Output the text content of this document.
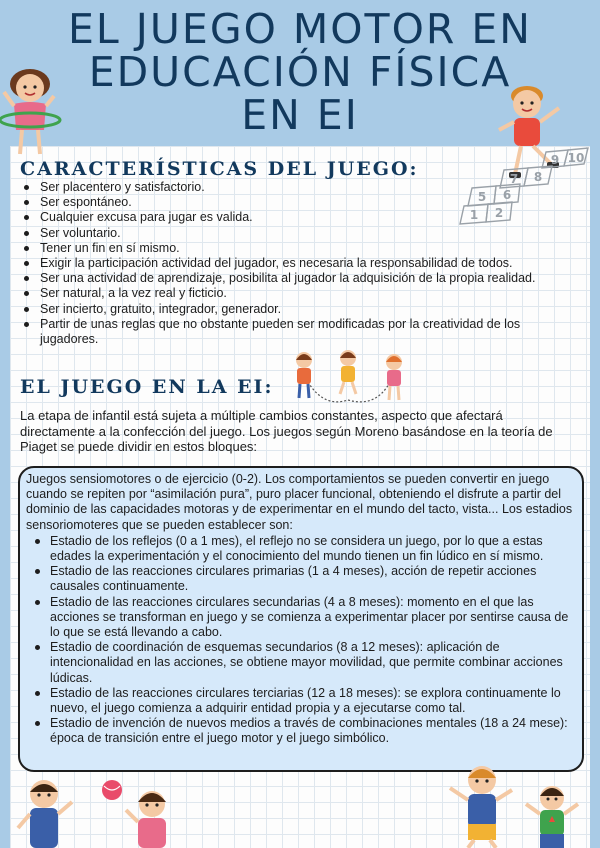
EL JUEGO MOTOR EN
EDUCACIÓN FÍSICA
EN EI
1 2
5 6
7 8
9 10
CARACTERÍSTICAS DEL JUEGO:
Ser placentero y satisfactorio.
Ser espontáneo.
Cualquier excusa para jugar es valida.
Ser voluntario.
Tener un fin en sí mismo.
Exigir la participación actividad del jugador, es necesaria la responsabilidad de todos.
Ser una actividad de aprendizaje, posibilita al jugador la adquisición de la propia realidad.
Ser natural, a la vez real y ficticio.
Ser incierto, gratuito, integrador, generador.
Partir de unas reglas que no obstante pueden ser modificadas por la creatividad de los jugadores.
EL JUEGO EN LA EI:
La etapa de infantil está sujeta a múltiple cambios constantes, aspecto que afectará directamente a la confección del juego. Los juegos según Moreno basándose en la teoría de Piaget se puede dividir en estos bloques:
Juegos sensiomotores o de ejercicio (0-2). Los comportamientos se pueden convertir en juego cuando se repiten por “asimilación pura”, puro placer funcional, obteniendo el disfrute a partir del dominio de las capacidades motoras y de experimentar en el mundo del tacto, vista... Los estadios sensoriomoteres que se pueden establecer son:
Estadio de los reflejos (0 a 1 mes), el reflejo no se considera un juego, por lo que a estas edades la experimentación y el conocimiento del mundo tienen un fin lúdico en sí mismo.
Estadio de las reacciones circulares primarias (1 a 4 meses), acción de repetir acciones causales continuamente.
Estadio de las reacciones circulares secundarias (4 a 8 meses): momento en el que las acciones se transforman en juego y se comienza a experimentar placer por sentirse causa de lo que se está llevando a cabo.
Estadio de coordinación de esquemas secundarios (8 a 12 meses): aplicación de intencionalidad en las acciones, se obtiene mayor movilidad, que permite combinar acciones lúdicas.
Estadio de las reacciones circulares terciarias (12 a 18 meses): se explora continuamente lo nuevo, el juego comienza a adquirir entidad propia y a ejecutarse como tal.
Estadio de invención de nuevos medios a través de combinaciones mentales (18 a 24 mese): época de transición entre el juego motor y el juego simbólico.
